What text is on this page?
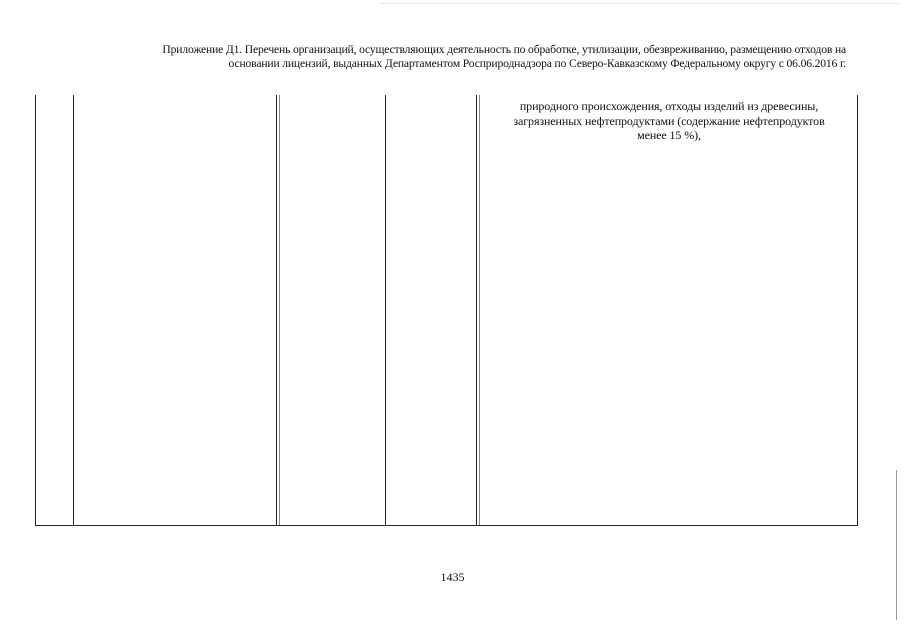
Приложение Д1. Перечень организаций, осуществляющих деятельность по обработке, утилизации, обезвреживанию, размещению отходов на
основании лицензий, выданных Департаментом Росприроднадзора по Северо-Кавказскому Федеральному округу с 06.06.2016 г.
природного происхождения, отходы изделий из древесины,
загрязненных нефтепродуктами (содержание нефтепродуктов
менее 15 %),
1435
